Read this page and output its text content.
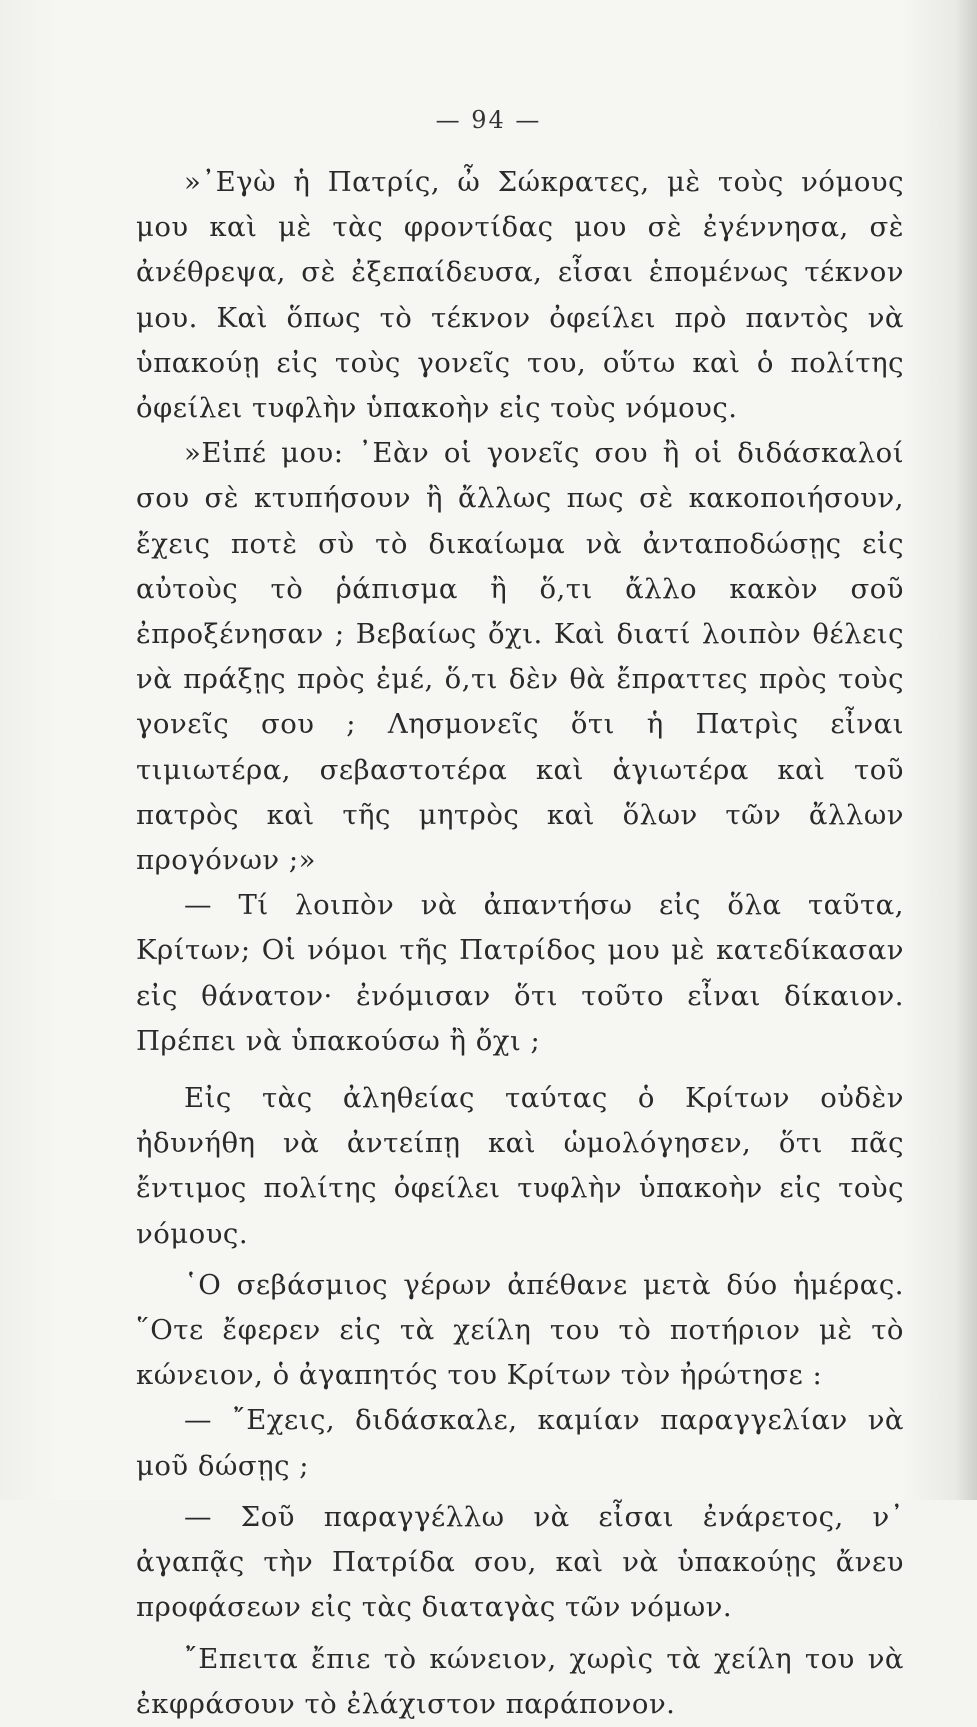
— 94 —

»᾿Εγὼ ἡ Πατρίς, ὦ Σώκρατες, μὲ τοὺς νόμους μου καὶ μὲ τὰς φροντίδας μου σὲ ἐγέννησα, σὲ ἀνέθρεψα, σὲ ἐξεπαίδευσα, εἶσαι ἑπομένως τέκνον μου. Καὶ ὅπως τὸ τέκνον ὀφείλει πρὸ παντὸς νὰ ὑπακούῃ εἰς τοὺς γονεῖς του, οὕτω καὶ ὁ πολίτης ὀφείλει τυφλὴν ὑπακοὴν εἰς τοὺς νόμους.

»Εἰπέ μου: ᾿Εὰν οἱ γονεῖς σου ἢ οἱ διδάσκαλοί σου σὲ κτυπήσουν ἢ ἄλλως πως σὲ κακοποιήσουν, ἔχεις ποτὲ σὺ τὸ δικαίωμα νὰ ἀνταποδώσῃς εἰς αὐτοὺς τὸ ῥάπισμα ἢ ὅ,τι ἄλλο κακὸν σοῦ ἐπροξένησαν ; Βεβαίως ὄχι. Καὶ διατί λοιπὸν θέλεις νὰ πράξῃς πρὸς ἐμέ, ὅ,τι δὲν θὰ ἔπραττες πρὸς τοὺς γονεῖς σου ; Λησμονεῖς ὅτι ἡ Πατρὶς εἶναι τιμιωτέρα, σεβαστοτέρα καὶ ἁγιωτέρα καὶ τοῦ πατρὸς καὶ τῆς μητρὸς καὶ ὅλων τῶν ἄλλων προγόνων ;»

— Τί λοιπὸν νὰ ἀπαντήσω εἰς ὅλα ταῦτα, Κρίτων; Οἱ νόμοι τῆς Πατρίδος μου μὲ κατεδίκασαν εἰς θάνατον· ἐνόμισαν ὅτι τοῦτο εἶναι δίκαιον. Πρέπει νὰ ὑπακούσω ἢ ὄχι ;

Εἰς τὰς ἀληθείας ταύτας ὁ Κρίτων οὐδὲν ἠδυνήθη νὰ ἀντείπῃ καὶ ὡμολόγησεν, ὅτι πᾶς ἔντιμος πολίτης ὀφείλει τυφλὴν ὑπακοὴν εἰς τοὺς νόμους.

῾Ο σεβάσμιος γέρων ἀπέθανε μετὰ δύο ἡμέρας. ῞Οτε ἔφερεν εἰς τὰ χείλη του τὸ ποτήριον μὲ τὸ κώνειον, ὁ ἀγαπητός του Κρίτων τὸν ἠρώτησε :

— ῎Εχεις, διδάσκαλε, καμίαν παραγγελίαν νὰ μοῦ δώσῃς ;

— Σοῦ παραγγέλλω νὰ εἶσαι ἐνάρετος, ν᾿ ἀγαπᾷς τὴν Πατρίδα σου, καὶ νὰ ὑπακούῃς ἄνευ προφάσεων εἰς τὰς διαταγὰς τῶν νόμων.

῎Επειτα ἔπιε τὸ κώνειον, χωρὶς τὰ χείλη του νὰ ἐκφράσουν τὸ ἐλάχιστον παράπονον.
